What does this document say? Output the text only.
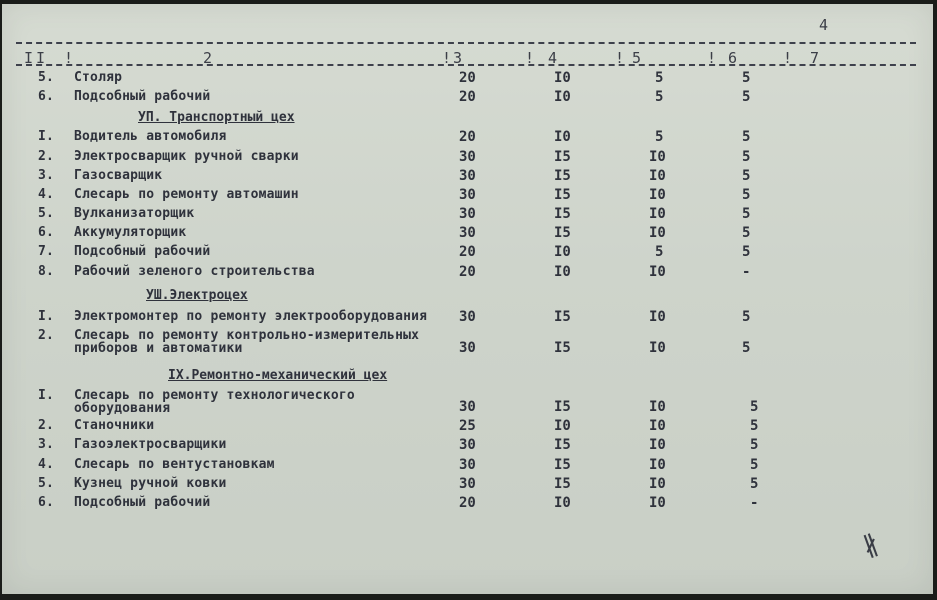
4
I I !	2	! 3	! 4	! 5	! 6	! 7
5. Столяр	20	I0	5	5
6. Подсобный рабочий	20	I0	5	5
УП. Транспортный цех
I. Водитель автомобиля	20	I0	5	5
2. Электросварщик ручной сварки	30	I5	I0	5
3. Газосварщик	30	I5	I0	5
4. Слесарь по ремонту автомашин	30	I5	I0	5
5. Вулканизаторщик	30	I5	I0	5
6. Аккумуляторщик	30	I5	I0	5
7. Подсобный рабочий	20	I0	5	5
8. Рабочий зеленого строительства	20	I0	I0	-
УШ.Электроцех
I. Электромонтер по ремонту электрооборудования 30	I5	I0	5
2. Слесарь по ремонту контрольно-измерительных
приборов и автоматики	30	I5	I0	5
IX.Ремонтно-механический цех
I. Слесарь по ремонту технологического
оборудования	30	I5	I0	5
2. Станочники	25	I0	I0	5
3. Газоэлектросварщики	30	I5	I0	5
4. Слесарь по вентустановкам	30	I5	I0	5
5. Кузнец ручной ковки	30	I5	I0	5
6. Подсобный рабочий	20	I0	I0	-
∦
